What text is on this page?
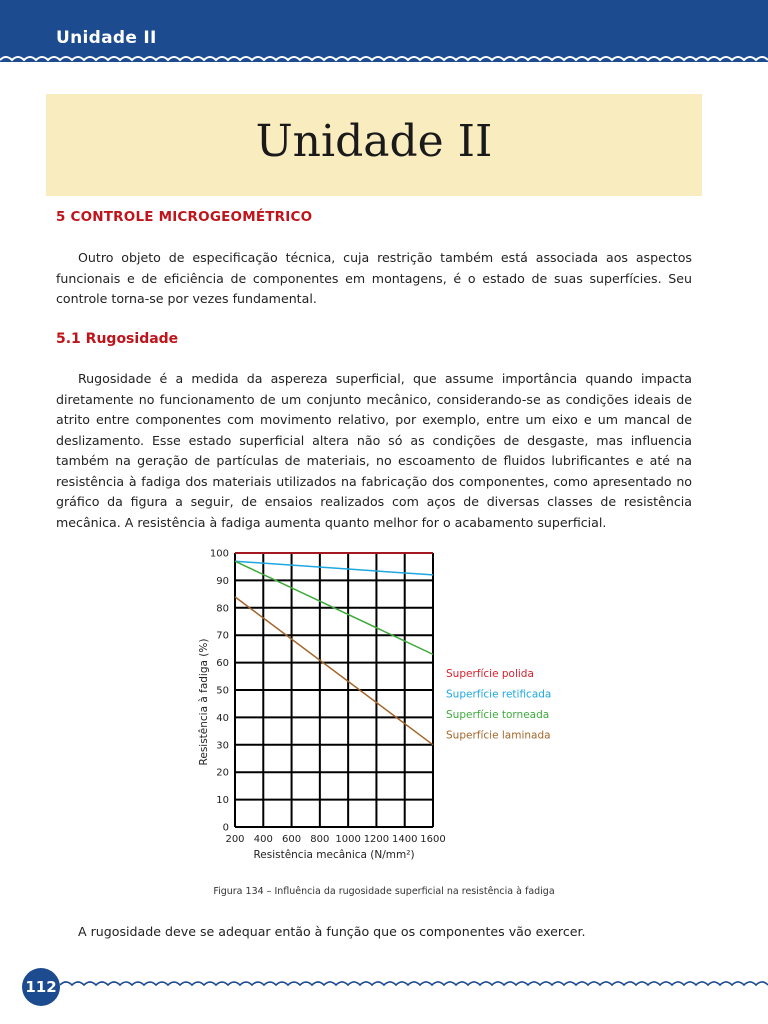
Unidade II
Unidade II
5 CONTROLE MICROGEOMÉTRICO
Outro objeto de especificação técnica, cuja restrição também está associada aos aspectos funcionais e de eficiência de componentes em montagens, é o estado de suas superfícies. Seu controle torna-se por vezes fundamental.
5.1 Rugosidade
Rugosidade é a medida da aspereza superficial, que assume importância quando impacta diretamente no funcionamento de um conjunto mecânico, considerando-se as condições ideais de atrito entre componentes com movimento relativo, por exemplo, entre um eixo e um mancal de deslizamento. Esse estado superficial altera não só as condições de desgaste, mas influencia também na geração de partículas de materiais, no escoamento de fluidos lubrificantes e até na resistência à fadiga dos materiais utilizados na fabricação dos componentes, como apresentado no gráfico da figura a seguir, de ensaios realizados com aços de diversas classes de resistência mecânica. A resistência à fadiga aumenta quanto melhor for o acabamento superficial.
200 400 600 800 1000 1200 1400 1600
0
10
20
30
40
50
60
70
80
90
100
Resistência mecânica (N/mm²)
Resistência à fadiga (%)	Superfície polida
Superfície retificada
Superfície torneada
Superfície laminada
Figura 134 – Influência da rugosidade superficial na resistência à fadiga
A rugosidade deve se adequar então à função que os componentes vão exercer.
112
